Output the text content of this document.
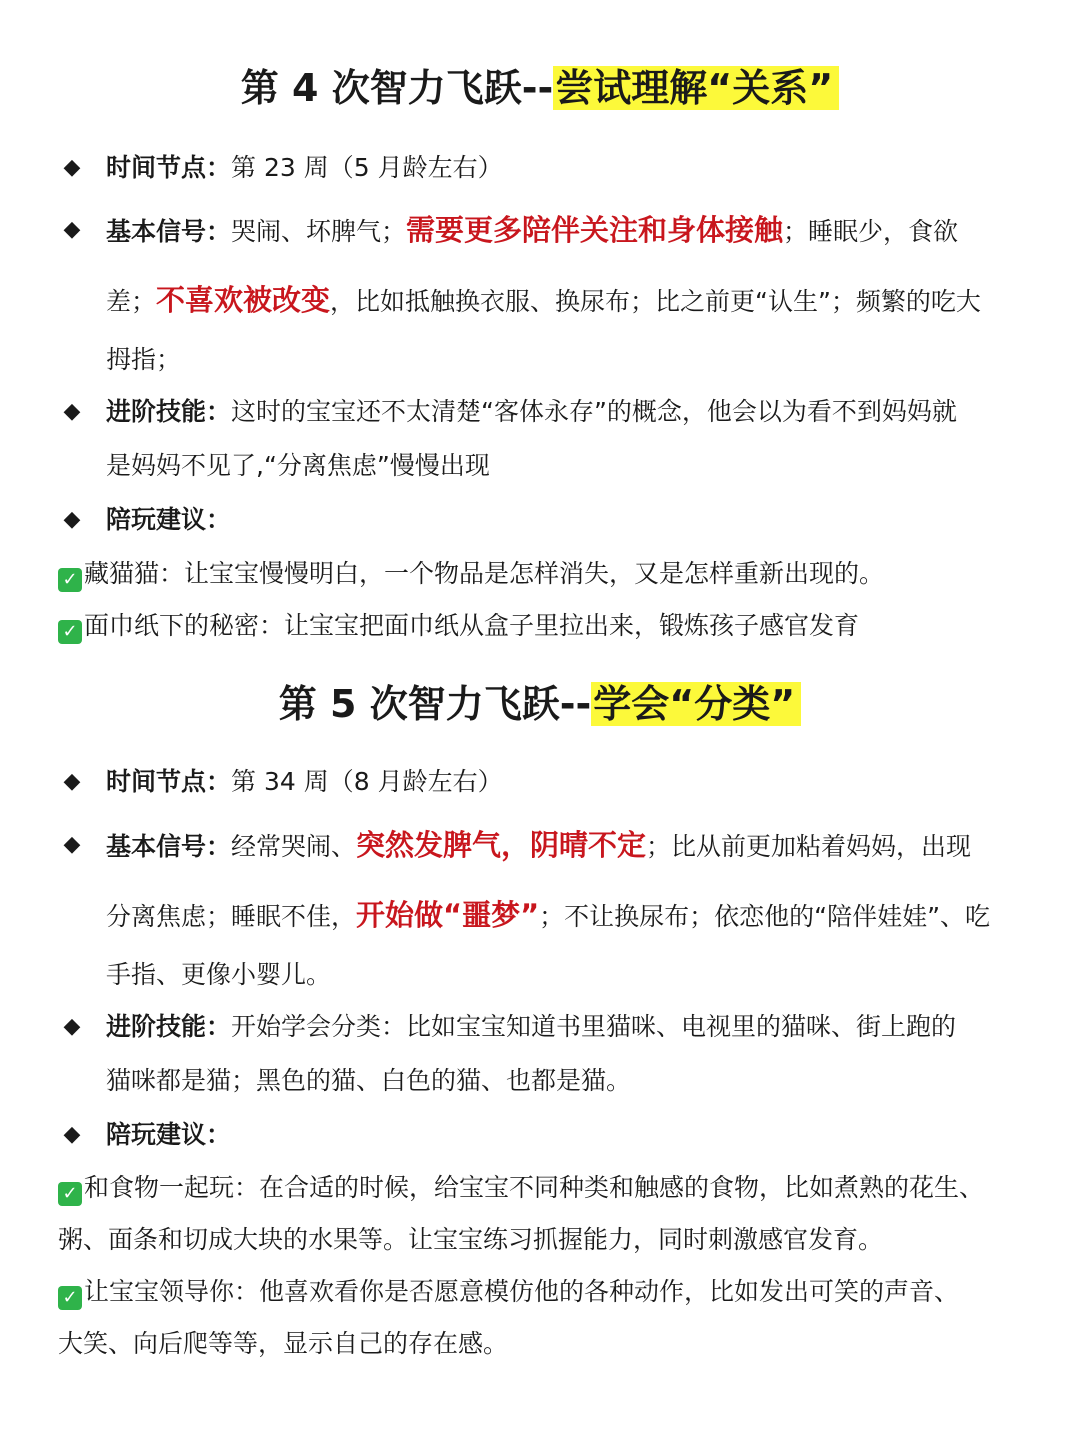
第 4 次智力飞跃--尝试理解“关系”
◆ 时间节点：第 23 周（5 月龄左右）
◆ 基本信号：哭闹、坏脾气；需要更多陪伴关注和身体接触；睡眠少，食欲
差；不喜欢被改变，比如抵触换衣服、换尿布；比之前更“认生”；频繁的吃大
拇指；
◆ 进阶技能：这时的宝宝还不太清楚“客体永存”的概念，他会以为看不到妈妈就
是妈妈不见了,“分离焦虑”慢慢出现
◆ 陪玩建议：
✓ 藏猫猫：让宝宝慢慢明白，一个物品是怎样消失，又是怎样重新出现的。
✓ 面巾纸下的秘密：让宝宝把面巾纸从盒子里拉出来，锻炼孩子感官发育
第 5 次智力飞跃--学会“分类”
◆ 时间节点：第 34 周（8 月龄左右）
◆ 基本信号：经常哭闹、突然发脾气，阴晴不定；比从前更加粘着妈妈，出现
分离焦虑；睡眠不佳，开始做“噩梦”；不让换尿布；依恋他的“陪伴娃娃”、吃
手指、更像小婴儿。
◆ 进阶技能：开始学会分类：比如宝宝知道书里猫咪、电视里的猫咪、街上跑的
猫咪都是猫；黑色的猫、白色的猫、也都是猫。
◆ 陪玩建议：
✓ 和食物一起玩：在合适的时候，给宝宝不同种类和触感的食物，比如煮熟的花生、
粥、面条和切成大块的水果等。让宝宝练习抓握能力，同时刺激感官发育。
✓ 让宝宝领导你：他喜欢看你是否愿意模仿他的各种动作，比如发出可笑的声音、
大笑、向后爬等等，显示自己的存在感。
